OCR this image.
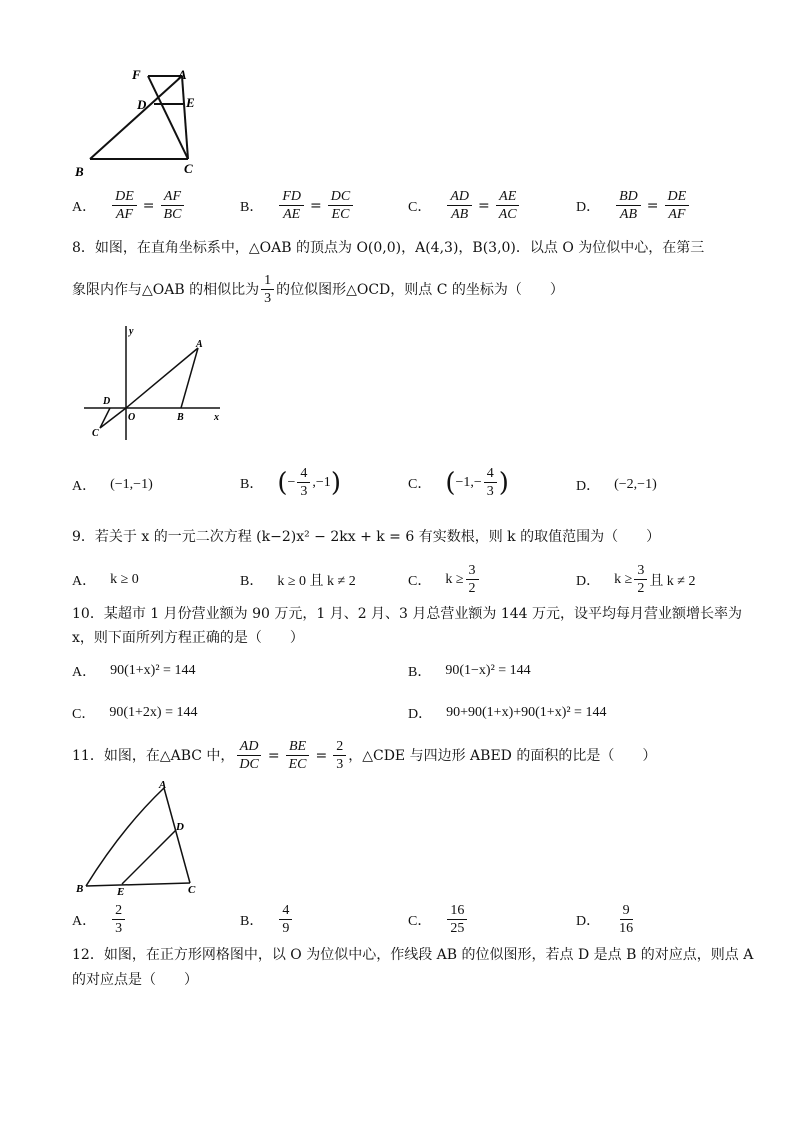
F	A
D	E
B	C
A． $\frac{DE}{AF} = \frac{AF}{BC}$	B． $\frac{FD}{AE} = \frac{DC}{EC}$	C． $\frac{AD}{AB} = \frac{AE}{AC}$	D． $\frac{BD}{AB} = \frac{DE}{AF}$
8．如图，在直角坐标系中，△OAB 的顶点为 O(0,0)，A(4,3)，B(3,0)．以点 O 为位似中心，在第三
象限内作与△OAB 的相似比为 $\frac{1}{3}$ 的位似图形△OCD，则点 C 的坐标为（　　）
y
A
D
O	B	x
C
A． (−1,−1)	B． ( − $\frac{4}{3} ,-1$ )	C． ( $-1,- \frac{4}{3}$ )	D． (−2,−1)
9．若关于 x 的一元二次方程 (k−2)x² − 2kx + k = 6 有实数根，则 k 的取值范围为（　　）
A． k ≥ 0	B． k ≥ 0 且 k ≠ 2	C． $k \ge \frac{3}{2}$	D． $k \ge \frac{3}{2}$ 且 k ≠ 2
10．某超市 1 月份营业额为 90 万元，1 月、2 月、3 月总营业额为 144 万元，设平均每月营业额增长率为
x，则下面所列方程正确的是（　　）
A． 90(1+x)² = 144	B． 90(1−x)² = 144
C． 90(1+2x) = 144	D． 90+90(1+x)+90(1+x)² = 144
11．如图，在△ABC 中， $\frac{AD}{DC} = \frac{BE}{EC} = \frac{2}{3}$ ，△CDE 与四边形 ABED 的面积的比是（　　）
A
D
B	E	C
A． $\frac{2}{3}$	B． $\frac{4}{9}$	C． $\frac{16}{25}$	D． $\frac{9}{16}$
12．如图，在正方形网格图中，以 O 为位似中心，作线段 AB 的位似图形，若点 D 是点 B 的对应点，则点 A
的对应点是（　　）
